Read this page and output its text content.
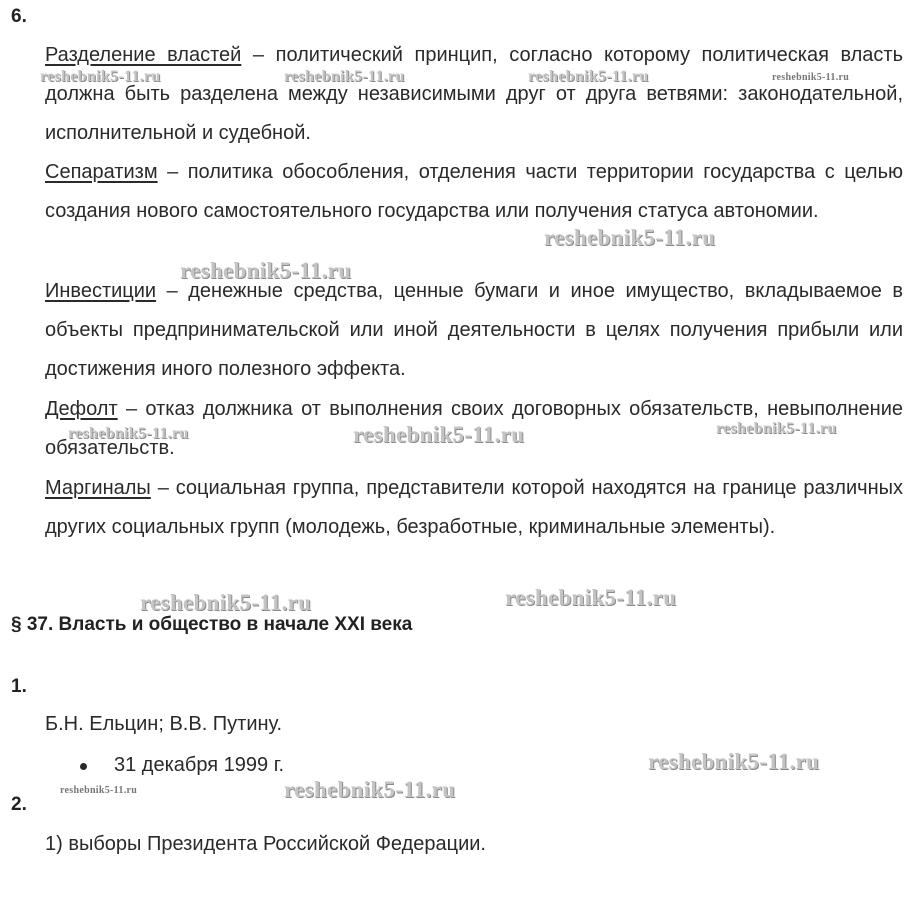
6.
Разделение властей – политический принцип, согласно которому политическая власть должна быть разделена между независимыми друг от друга ветвями: законодательной, исполнительной и судебной.
Сепаратизм – политика обособления, отделения части территории государства с целью создания нового самостоятельного государства или получения статуса автономии.
Инвестиции – денежные средства, ценные бумаги и иное имущество, вкладываемое в объекты предпринимательской или иной деятельности в целях получения прибыли или достижения иного полезного эффекта.
Дефолт – отказ должника от выполнения своих договорных обязательств, невыполнение обязательств.
Маргиналы – социальная группа, представители которой находятся на границе различных других социальных групп (молодежь, безработные, криминальные элементы).
§ 37. Власть и общество в начале XXI века
1.
Б.Н. Ельцин; В.В. Путину.
31 декабря 1999 г.
2.
1) выборы Президента Российской Федерации.
reshebnik5-11.ru	reshebnik5-11.ru	reshebnik5-11.ru	reshebnik5-11.ru
reshebnik5-11.ru
reshebnik5-11.ru
reshebnik5-11.ru	reshebnik5-11.ru	reshebnik5-11.ru
reshebnik5-11.ru	reshebnik5-11.ru
reshebnik5-11.ru
reshebnik5-11.ru	reshebnik5-11.ru
